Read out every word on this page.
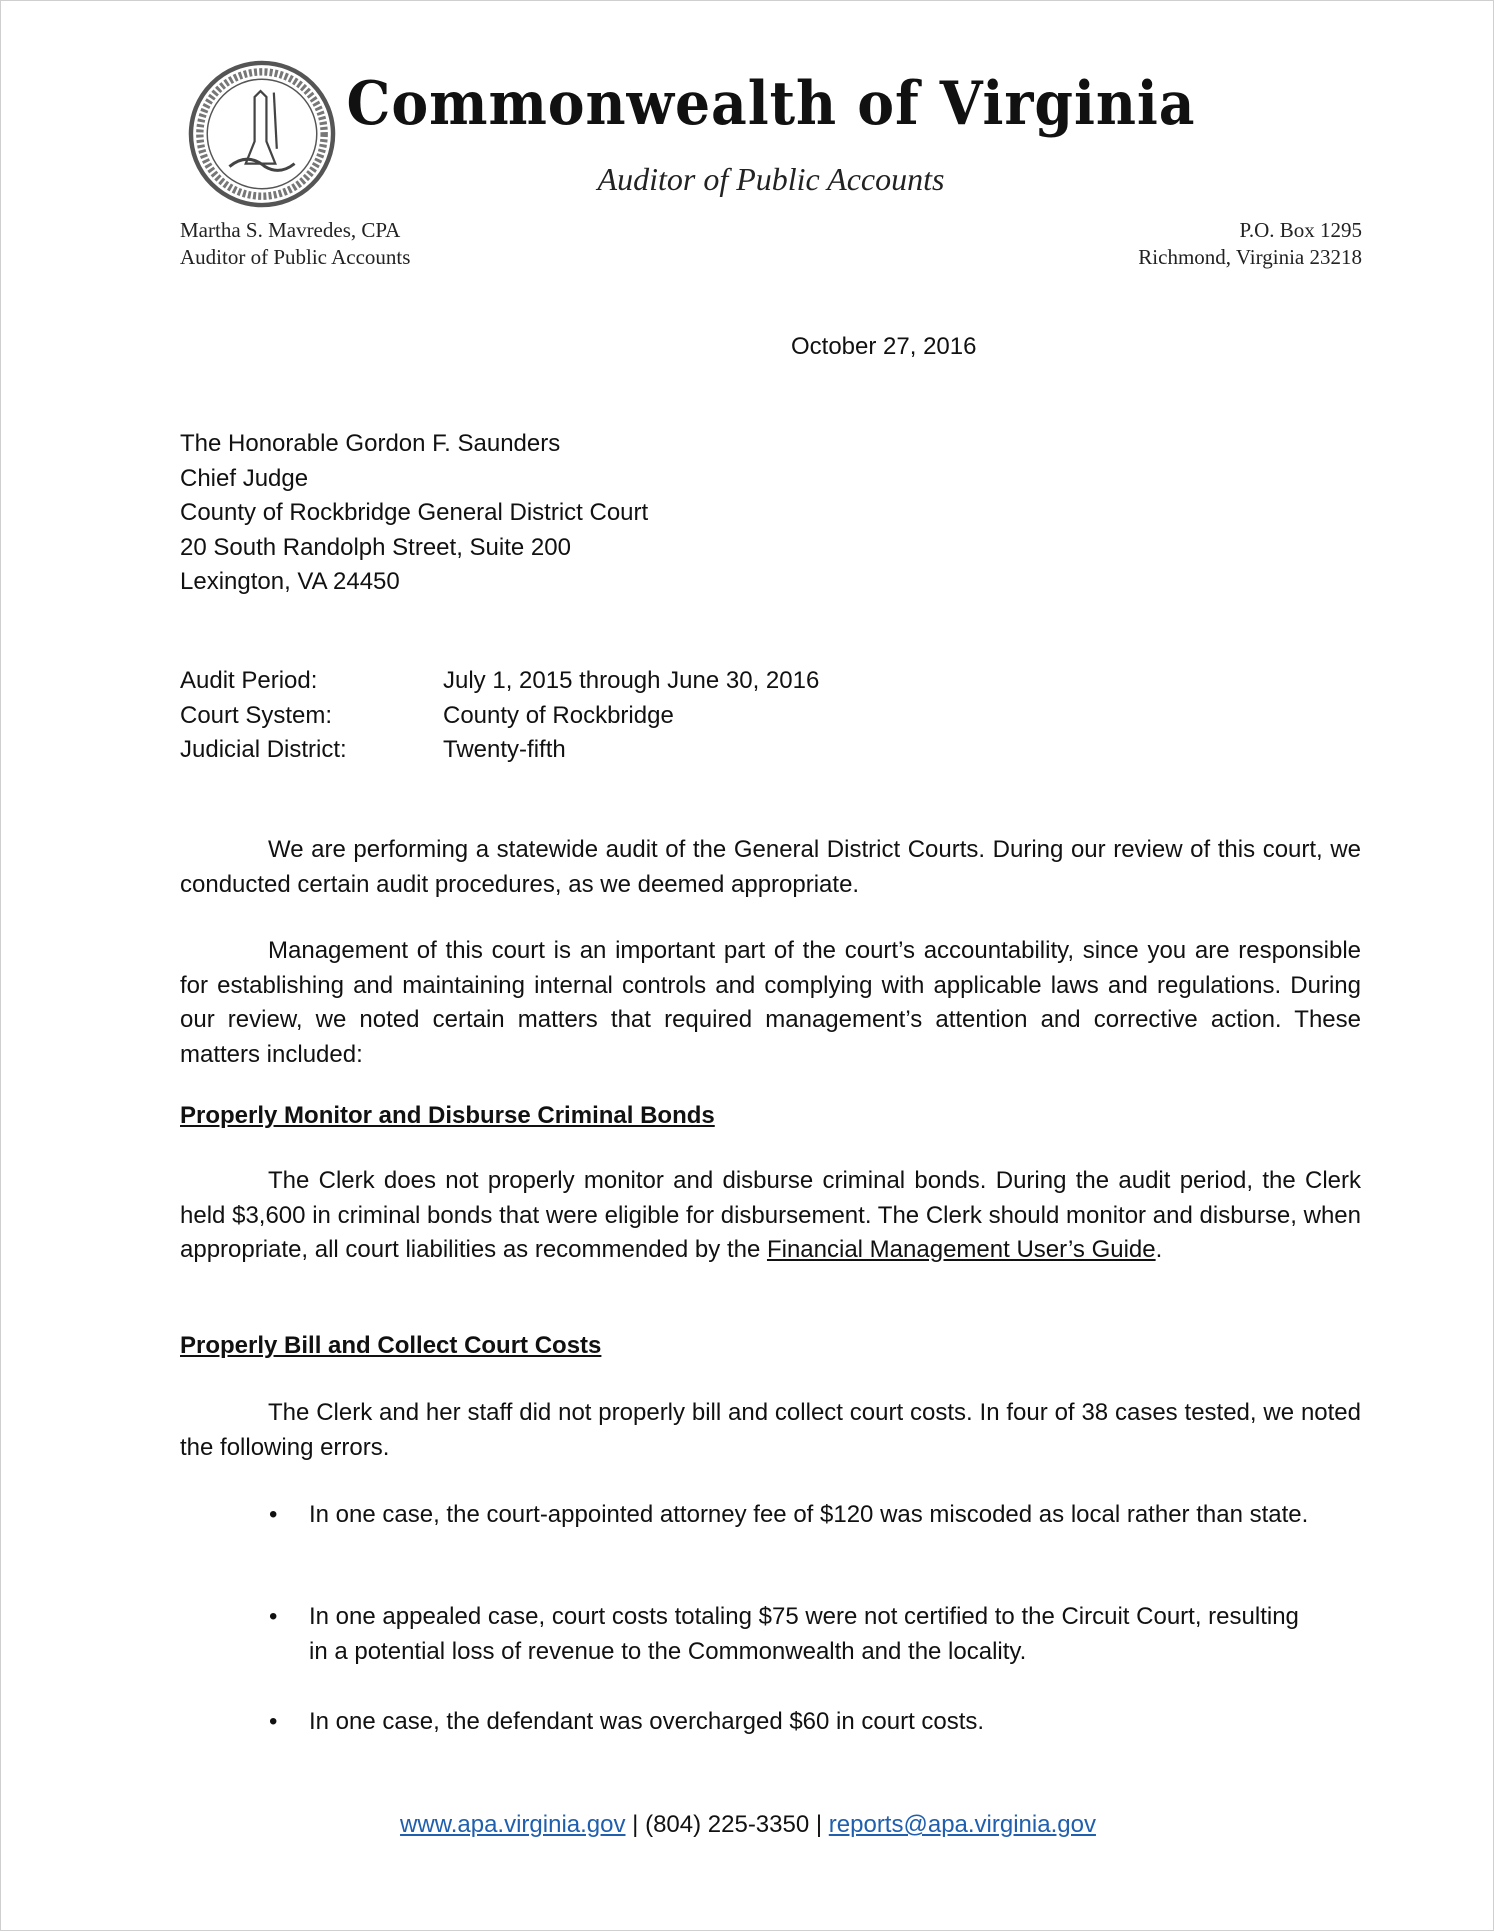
Commonwealth of Virginia
Auditor of Public Accounts
Martha S. Mavredes, CPA
Auditor of Public Accounts
P.O. Box 1295
Richmond, Virginia 23218
October 27, 2016
The Honorable Gordon F. Saunders
Chief Judge
County of Rockbridge General District Court
20 South Randolph Street, Suite 200
Lexington, VA 24450
Audit Period:	July 1, 2015 through June 30, 2016
Court System:	County of Rockbridge
Judicial District:	Twenty-fifth
We are performing a statewide audit of the General District Courts. During our review of this court, we conducted certain audit procedures, as we deemed appropriate.
Management of this court is an important part of the court’s accountability, since you are responsible for establishing and maintaining internal controls and complying with applicable laws and regulations. During our review, we noted certain matters that required management’s attention and corrective action. These matters included:
Properly Monitor and Disburse Criminal Bonds
The Clerk does not properly monitor and disburse criminal bonds. During the audit period, the Clerk held $3,600 in criminal bonds that were eligible for disbursement. The Clerk should monitor and disburse, when appropriate, all court liabilities as recommended by the Financial Management User’s Guide.
Properly Bill and Collect Court Costs
The Clerk and her staff did not properly bill and collect court costs. In four of 38 cases tested, we noted the following errors.
• In one case, the court-appointed attorney fee of $120 was miscoded as local rather than state.
• In one appealed case, court costs totaling $75 were not certified to the Circuit Court, resulting in a potential loss of revenue to the Commonwealth and the locality.
• In one case, the defendant was overcharged $60 in court costs.
www.apa.virginia.gov | (804) 225-3350 | reports@apa.virginia.gov
